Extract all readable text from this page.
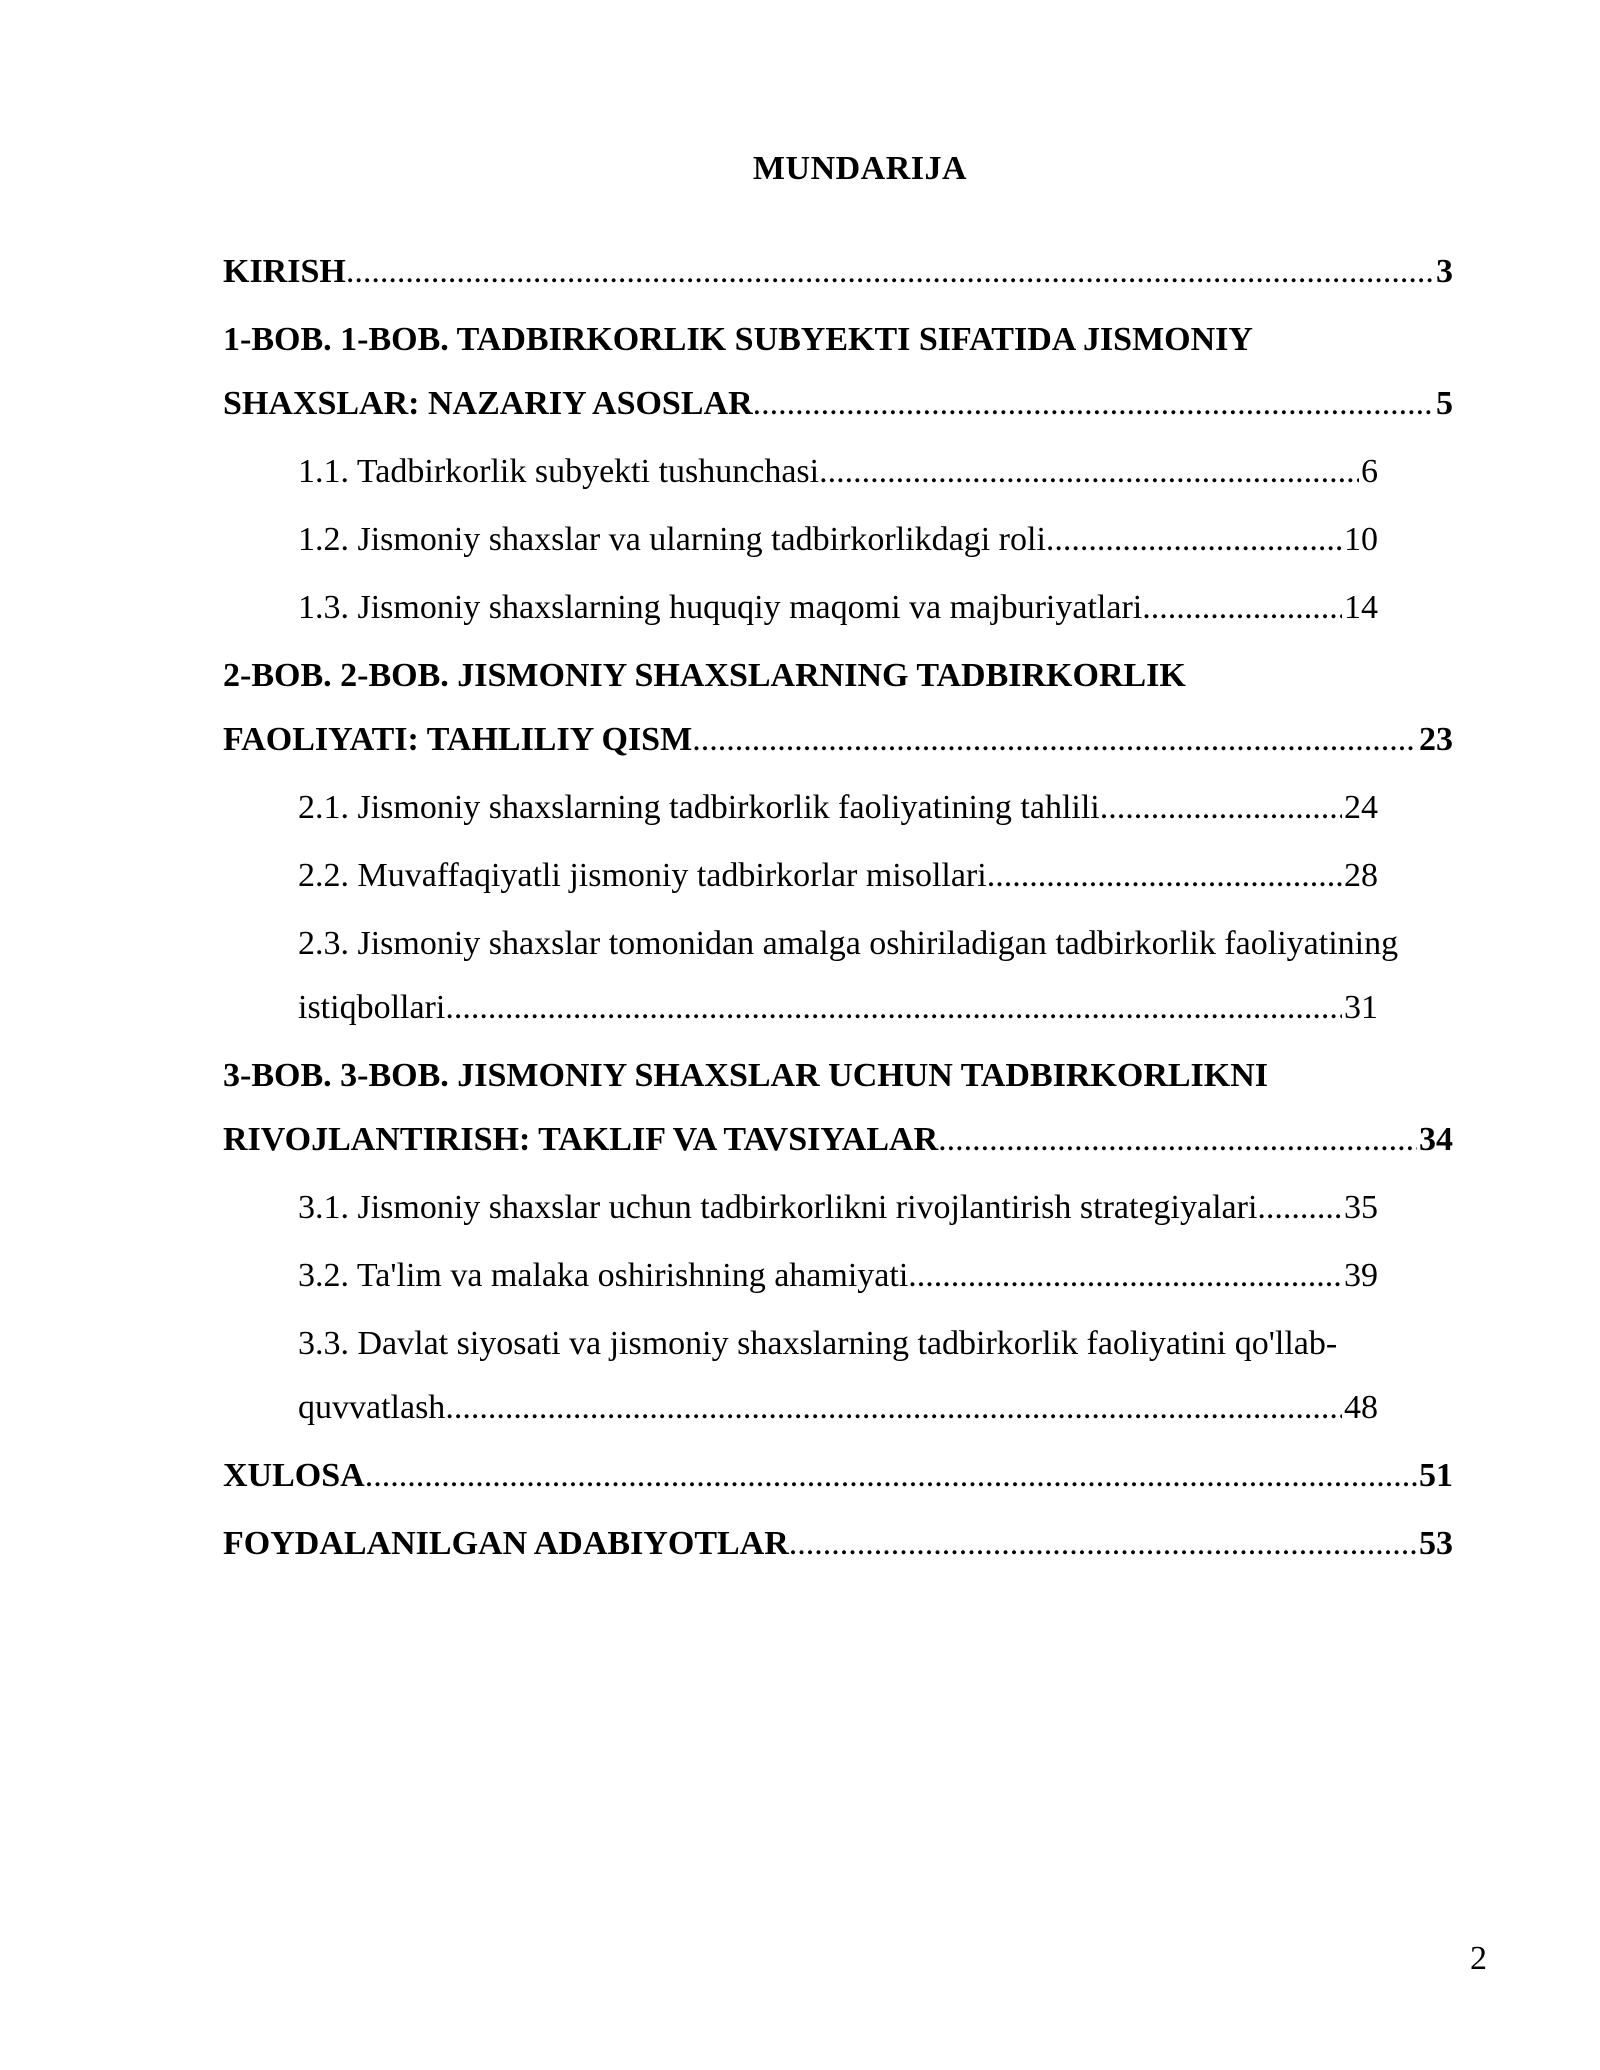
MUNDARIJA
KIRISH .....	3
1-BOB. 1-BOB. TADBIRKORLIK SUBYEKTI SIFATIDA JISMONIY
SHAXSLAR: NAZARIY ASOSLAR .....	5
1.1. Tadbirkorlik subyekti tushunchasi .....	6
1.2. Jismoniy shaxslar va ularning tadbirkorlikdagi roli .....	10
1.3. Jismoniy shaxslarning huquqiy maqomi va majburiyatlari .....	14
2-BOB. 2-BOB. JISMONIY SHAXSLARNING TADBIRKORLIK
FAOLIYATI: TAHLILIY QISM .....	23
2.1. Jismoniy shaxslarning tadbirkorlik faoliyatining tahlili .....	24
2.2. Muvaffaqiyatli jismoniy tadbirkorlar misollari .....	28
2.3. Jismoniy shaxslar tomonidan amalga oshiriladigan tadbirkorlik faoliyatining
istiqbollari .....	31
3-BOB. 3-BOB. JISMONIY SHAXSLAR UCHUN TADBIRKORLIKNI
RIVOJLANTIRISH: TAKLIF VA TAVSIYALAR .....	34
3.1. Jismoniy shaxslar uchun tadbirkorlikni rivojlantirish strategiyalari .....	35
3.2. Ta'lim va malaka oshirishning ahamiyati .....	39
3.3. Davlat siyosati va jismoniy shaxslarning tadbirkorlik faoliyatini qo'llab-
quvvatlash .....	48
XULOSA .....	51
FOYDALANILGAN ADABIYOTLAR .....	53
2
